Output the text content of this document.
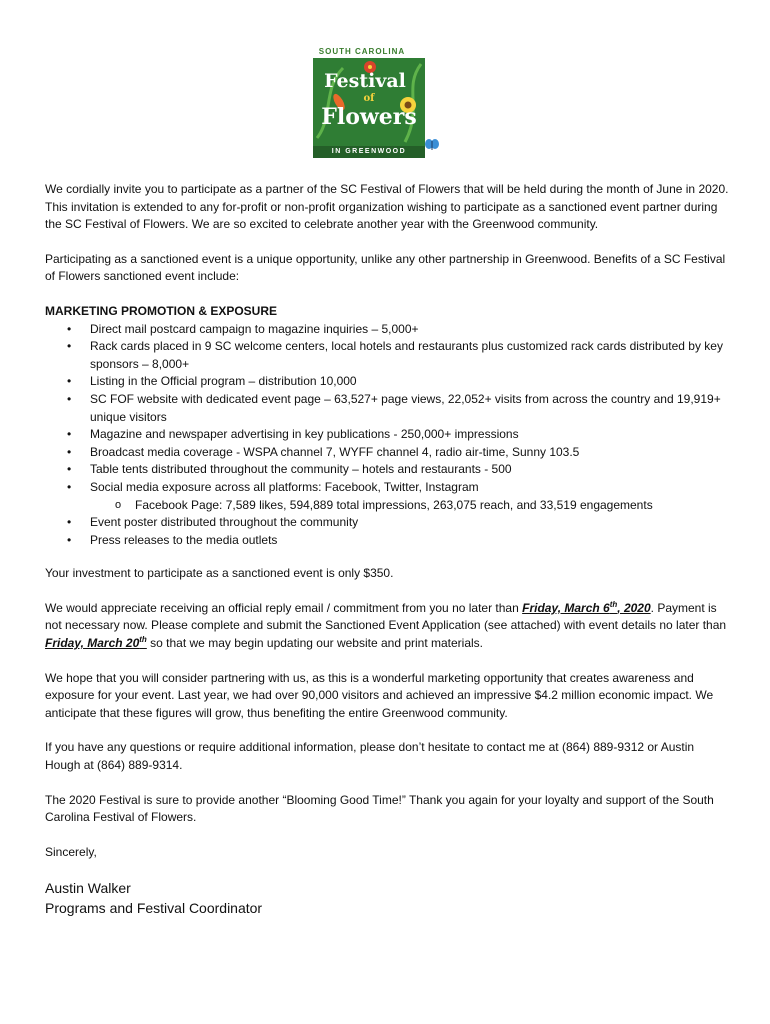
SOUTH CAROLINA
Festival
of
Flowers
IN GREENWOOD

We cordially invite you to participate as a partner of the SC Festival of Flowers that will be held during the month of June in 2020. This invitation is extended to any for-profit or non-profit organization wishing to participate as a sanctioned event partner during the SC Festival of Flowers. We are so excited to celebrate another year with the Greenwood community.

Participating as a sanctioned event is a unique opportunity, unlike any other partnership in Greenwood. Benefits of a SC Festival of Flowers sanctioned event include:

MARKETING PROMOTION & EXPOSURE
• Direct mail postcard campaign to magazine inquiries – 5,000+
• Rack cards placed in 9 SC welcome centers, local hotels and restaurants plus customized rack cards distributed by key sponsors – 8,000+
• Listing in the Official program – distribution 10,000
• SC FOF website with dedicated event page – 63,527+ page views, 22,052+ visits from across the country and 19,919+ unique visitors
• Magazine and newspaper advertising in key publications - 250,000+ impressions
• Broadcast media coverage - WSPA channel 7, WYFF channel 4, radio air-time, Sunny 103.5
• Table tents distributed throughout the community – hotels and restaurants - 500
• Social media exposure across all platforms: Facebook, Twitter, Instagram
o Facebook Page: 7,589 likes, 594,889 total impressions, 263,075 reach, and 33,519 engagements
• Event poster distributed throughout the community
• Press releases to the media outlets

Your investment to participate as a sanctioned event is only $350.

We would appreciate receiving an official reply email / commitment from you no later than Friday, March 6th, 2020. Payment is not necessary now. Please complete and submit the Sanctioned Event Application (see attached) with event details no later than Friday, March 20th so that we may begin updating our website and print materials.

We hope that you will consider partnering with us, as this is a wonderful marketing opportunity that creates awareness and exposure for your event. Last year, we had over 90,000 visitors and achieved an impressive $4.2 million economic impact. We anticipate that these figures will grow, thus benefiting the entire Greenwood community.

If you have any questions or require additional information, please don’t hesitate to contact me at (864) 889-9312 or Austin Hough at (864) 889-9314.

The 2020 Festival is sure to provide another “Blooming Good Time!” Thank you again for your loyalty and support of the South Carolina Festival of Flowers.

Sincerely,

Austin Walker
Programs and Festival Coordinator
